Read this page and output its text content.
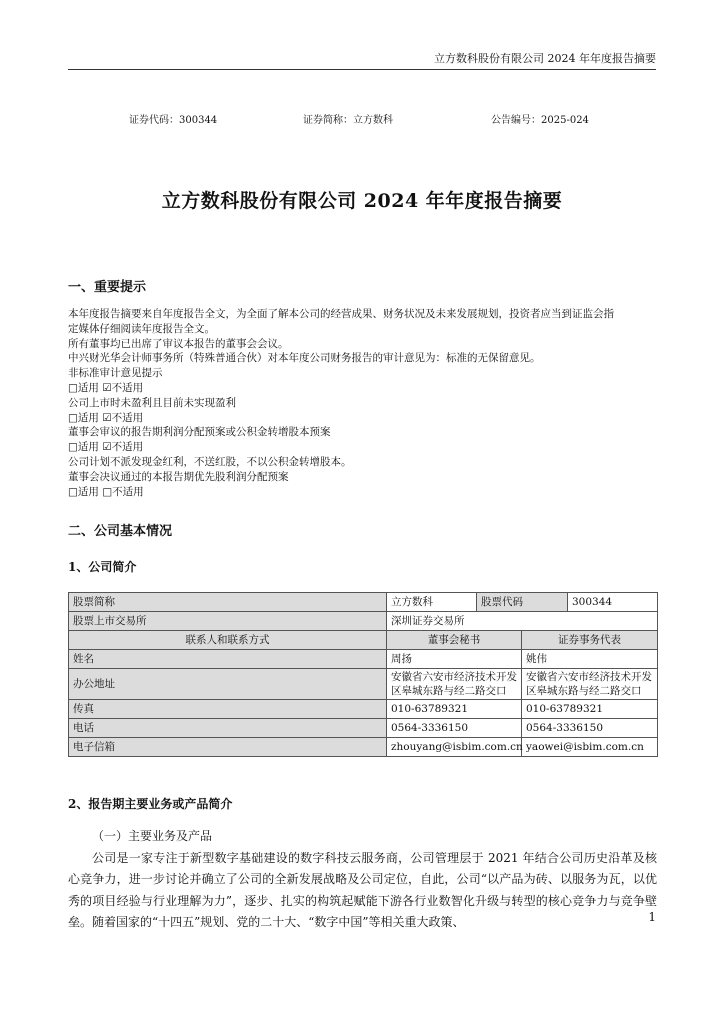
立方数科股份有限公司 2024 年年度报告摘要
证券代码：300344	证券简称：立方数科	公告编号：2025-024
立方数科股份有限公司 2024 年年度报告摘要
一、重要提示
本年度报告摘要来自年度报告全文，为全面了解本公司的经营成果、财务状况及未来发展规划，投资者应当到证监会指
定媒体仔细阅读年度报告全文。
所有董事均已出席了审议本报告的董事会会议。
中兴财光华会计师事务所（特殊普通合伙）对本年度公司财务报告的审计意见为：标准的无保留意见。
非标准审计意见提示
□适用 ☑不适用
公司上市时未盈利且目前未实现盈利
□适用 ☑不适用
董事会审议的报告期利润分配预案或公积金转增股本预案
□适用 ☑不适用
公司计划不派发现金红利，不送红股，不以公积金转增股本。
董事会决议通过的本报告期优先股利润分配预案
□适用 □不适用
二、公司基本情况
1、公司简介
股票简称	立方数科	股票代码		300344
股票上市交易所	深圳证券交易所			
联系人和联系方式	董事会秘书		证券事务代表	
姓名	周扬		姚伟	
办公地址	安徽省六安市经济技术开发区皋城东路与经二路交口		安徽省六安市经济技术开发区皋城东路与经二路交口	
传真	010-63789321		010-63789321	
电话	0564-3336150		0564-3336150	
电子信箱	zhouyang@isbim.com.cn		yaowei@isbim.com.cn	
2、报告期主要业务或产品简介

（一）主要业务及产品

公司是一家专注于新型数字基础建设的数字科技云服务商，公司管理层于 2021 年结合公司历史沿革及核心竞争力，进一步讨论并确立了公司的全新发展战略及公司定位，自此，公司“以产品为砖、以服务为瓦，以优秀的项目经验与行业理解为力”，逐步、扎实的构筑起赋能下游各行业数智化升级与转型的核心竞争力与竞争壁垒。随着国家的“十四五”规划、党的二十大、“数字中国”等相关重大政策、	1
